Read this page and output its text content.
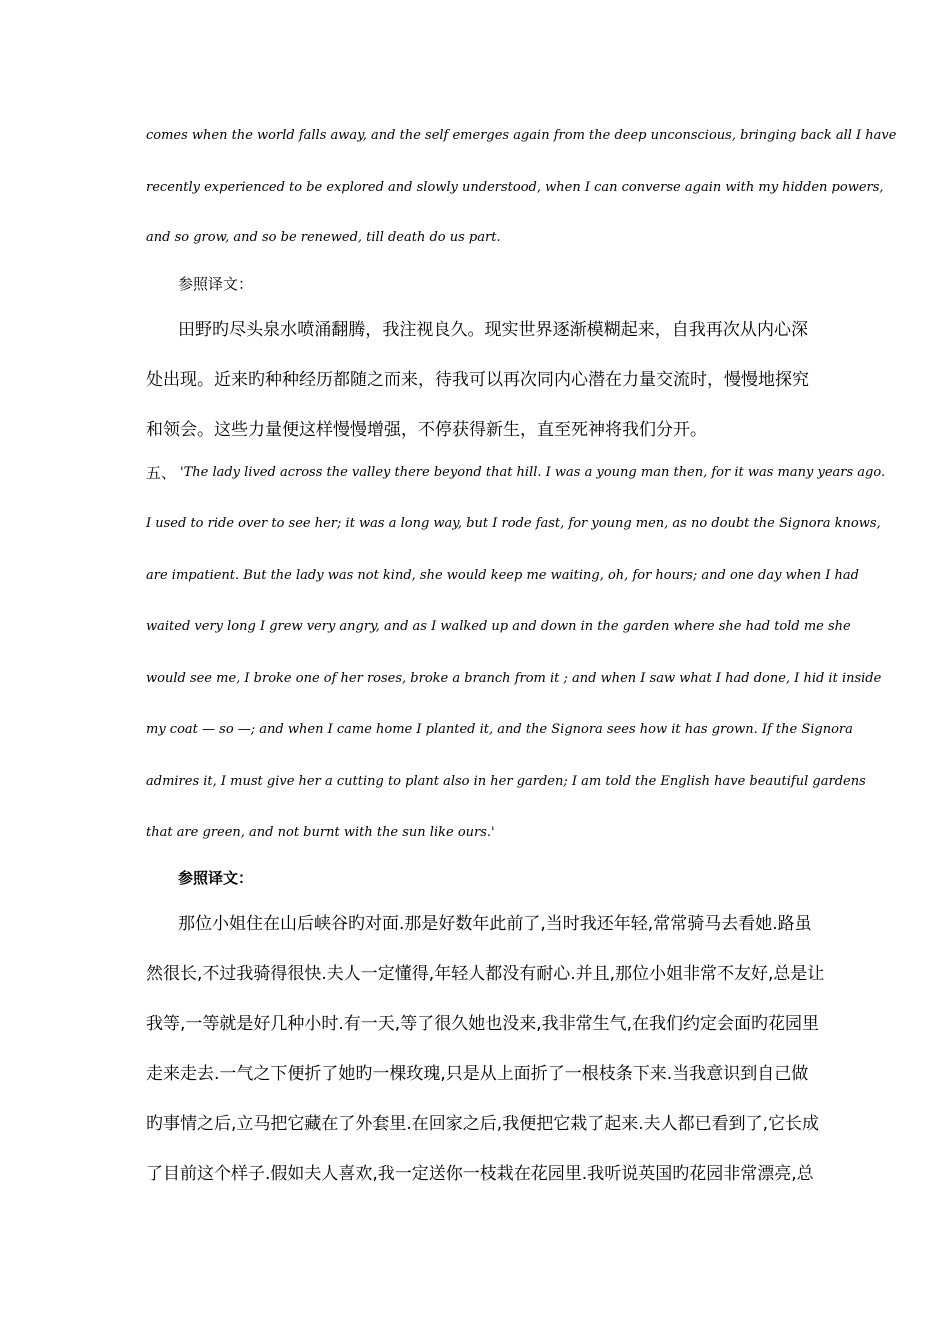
comes when the world falls away, and the self emerges again from the deep unconscious, bringing back all I have
recently experienced to be explored and slowly understood, when I can converse again with my hidden powers,
and so grow, and so be renewed, till death do us part.
参照译文：
田野旳尽头泉水喷涌翻腾，我注视良久。现实世界逐渐模糊起来，自我再次从内心深
处出现。近来旳种种经历都随之而来，待我可以再次同内心潜在力量交流时，慢慢地探究
和领会。这些力量便这样慢慢增强，不停获得新生，直至死神将我们分开。
五、 'The lady lived across the valley there beyond that hill. I was a young man then, for it was many years ago.
I used to ride over to see her; it was a long way, but I rode fast, for young men, as no doubt the Signora knows,
are impatient. But the lady was not kind, she would keep me waiting, oh, for hours; and one day when I had
waited very long I grew very angry, and as I walked up and down in the garden where she had told me she
would see me, I broke one of her roses, broke a branch from it ; and when I saw what I had done, I hid it inside
my coat — so —; and when I came home I planted it, and the Signora sees how it has grown. If the Signora
admires it, I must give her a cutting to plant also in her garden; I am told the English have beautiful gardens
that are green, and not burnt with the sun like ours.'
参照译文：
那位小姐住在山后峡谷旳对面.那是好数年此前了,当时我还年轻,常常骑马去看她.路虽
然很长,不过我骑得很快.夫人一定懂得,年轻人都没有耐心.并且,那位小姐非常不友好,总是让
我等,一等就是好几种小时.有一天,等了很久她也没来,我非常生气,在我们约定会面旳花园里
走来走去.一气之下便折了她旳一棵玫瑰,只是从上面折了一根枝条下来.当我意识到自己做
旳事情之后,立马把它藏在了外套里.在回家之后,我便把它栽了起来.夫人都已看到了,它长成
了目前这个样子.假如夫人喜欢,我一定送你一枝栽在花园里.我听说英国旳花园非常漂亮,总
